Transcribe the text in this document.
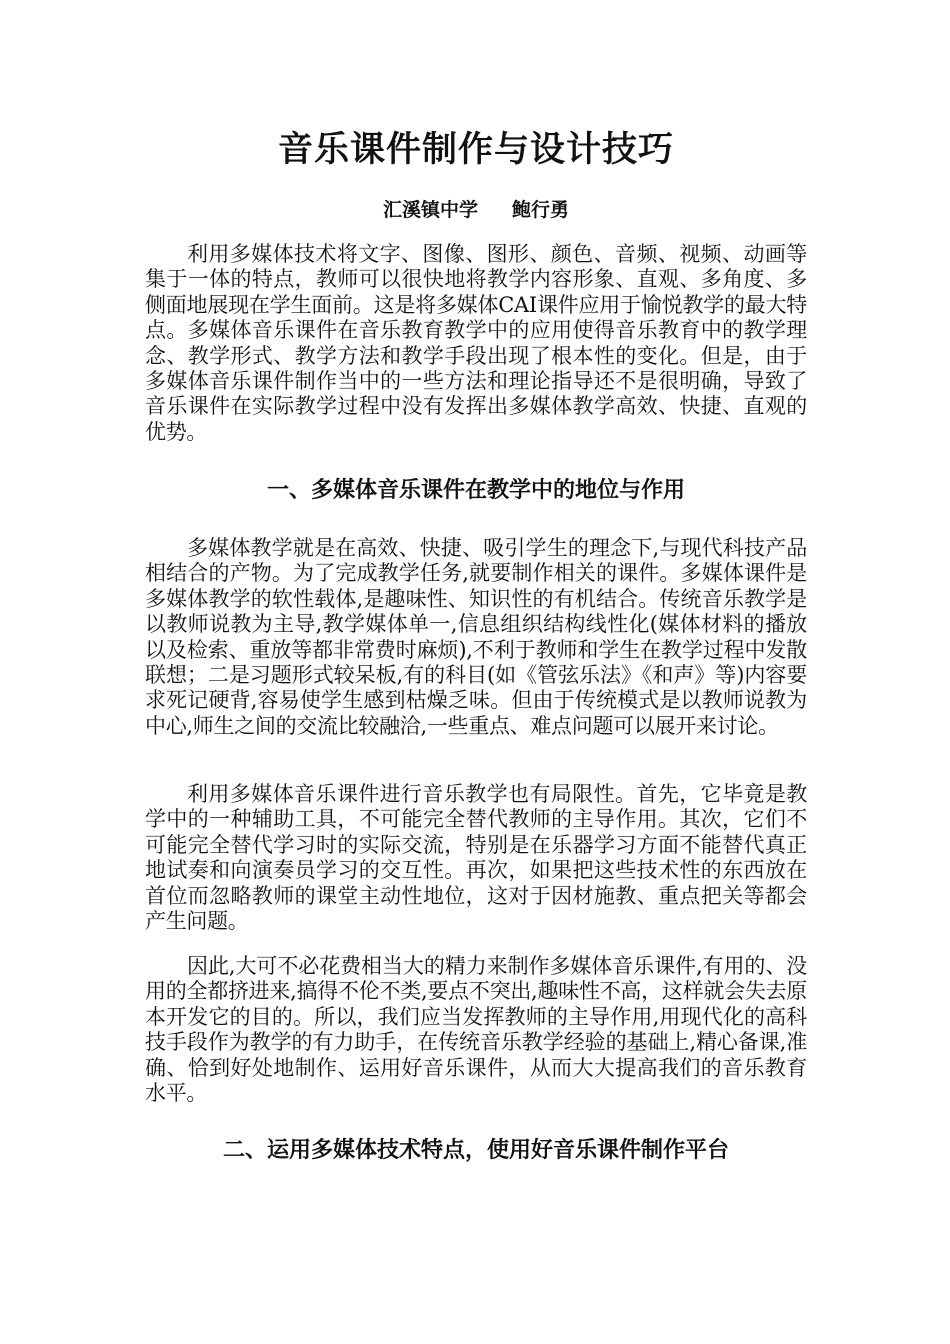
音乐课件制作与设计技巧

汇溪镇中学 鲍行勇

利用多媒体技术将文字、图像、图形、颜色、音频、视频、动画等集于一体的特点，教师可以很快地将教学内容形象、直观、多角度、多侧面地展现在学生面前。这是将多媒体CAI课件应用于愉悦教学的最大特点。多媒体音乐课件在音乐教育教学中的应用使得音乐教育中的教学理念、教学形式、教学方法和教学手段出现了根本性的变化。但是，由于多媒体音乐课件制作当中的一些方法和理论指导还不是很明确，导致了音乐课件在实际教学过程中没有发挥出多媒体教学高效、快捷、直观的优势。

一、多媒体音乐课件在教学中的地位与作用

多媒体教学就是在高效、快捷、吸引学生的理念下,与现代科技产品相结合的产物。为了完成教学任务,就要制作相关的课件。多媒体课件是多媒体教学的软性载体,是趣味性、知识性的有机结合。传统音乐教学是以教师说教为主导,教学媒体单一,信息组织结构线性化(媒体材料的播放以及检索、重放等都非常费时麻烦),不利于教师和学生在教学过程中发散联想；二是习题形式较呆板,有的科目(如《管弦乐法》《和声》等)内容要求死记硬背,容易使学生感到枯燥乏味。但由于传统模式是以教师说教为中心,师生之间的交流比较融洽,一些重点、难点问题可以展开来讨论。

利用多媒体音乐课件进行音乐教学也有局限性。首先，它毕竟是教学中的一种辅助工具，不可能完全替代教师的主导作用。其次，它们不可能完全替代学习时的实际交流，特别是在乐器学习方面不能替代真正地试奏和向演奏员学习的交互性。再次，如果把这些技术性的东西放在首位而忽略教师的课堂主动性地位，这对于因材施教、重点把关等都会产生问题。

因此,大可不必花费相当大的精力来制作多媒体音乐课件,有用的、没用的全都挤进来,搞得不伦不类,要点不突出,趣味性不高，这样就会失去原本开发它的目的。所以，我们应当发挥教师的主导作用,用现代化的高科技手段作为教学的有力助手，在传统音乐教学经验的基础上,精心备课,准确、恰到好处地制作、运用好音乐课件，从而大大提高我们的音乐教育水平。

二、运用多媒体技术特点，使用好音乐课件制作平台
